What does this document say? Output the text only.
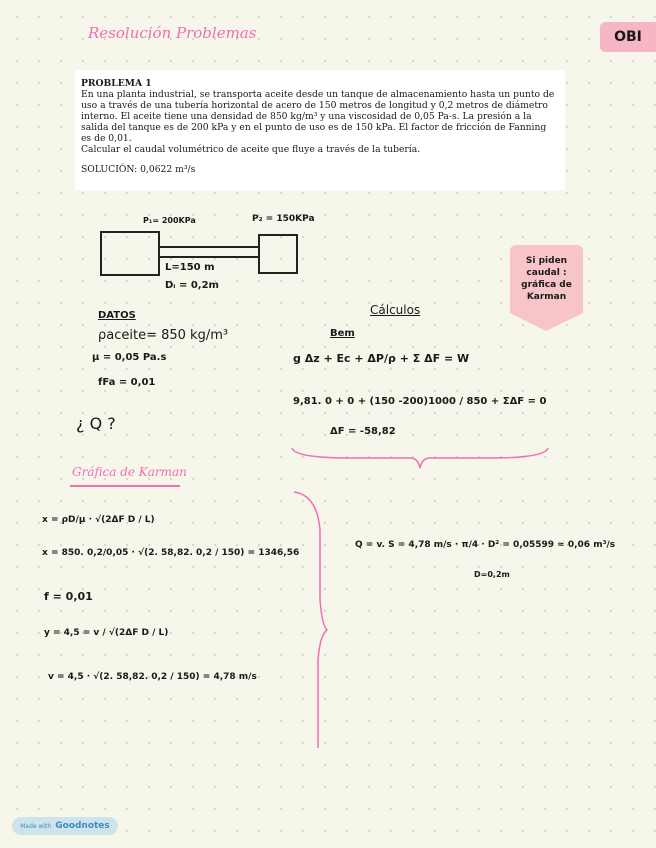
Resolución Problemas	OBI
PROBLEMA 1
En una planta industrial, se transporta aceite desde un tanque de almacenamiento hasta un punto de uso a través de una tubería horizontal de acero de 150 metros de longitud y 0,2 metros de diámetro interno. El aceite tiene una densidad de 850 kg/m³ y una viscosidad de 0,05 Pa-s. La presión a la salida del tanque es de 200 kPa y en el punto de uso es de 150 kPa. El factor de fricción de Fanning es de 0,01.
Calcular el caudal volumétrico de aceite que fluye a través de la tubería.
SOLUCIÓN: 0,0622 m³/s
P₁= 200KPa	P₂ = 150KPa
L=150 m
Dᵢ = 0,2m
Si piden
caudal :
gráfica de
Karman
DATOS
ρaceite= 850 kg/m³
μ = 0,05 Pa.s
fFa = 0,01
¿ Q ?
Cálculos
Bem
g Δz + Ec + ΔP/ρ + Σ ΔF = W
9,81. 0 + 0 + (150 -200)1000 / 850 + ΣΔF = 0
ΔF = -58,82
Gráfica de Karman
x = ρD/μ · √(2ΔF D / L)
x = 850. 0,2/0,05 · √(2. 58,82. 0,2 / 150) = 1346,56
f = 0,01
y = 4,5 = v / √(2ΔF D / L)
v = 4,5 · √(2. 58,82. 0,2 / 150) = 4,78 m/s
Q = v. S = 4,78 m/s · π/4 · D² = 0,05599 ≈ 0,06 m³/s
D=0,2m
Made with Goodnotes
